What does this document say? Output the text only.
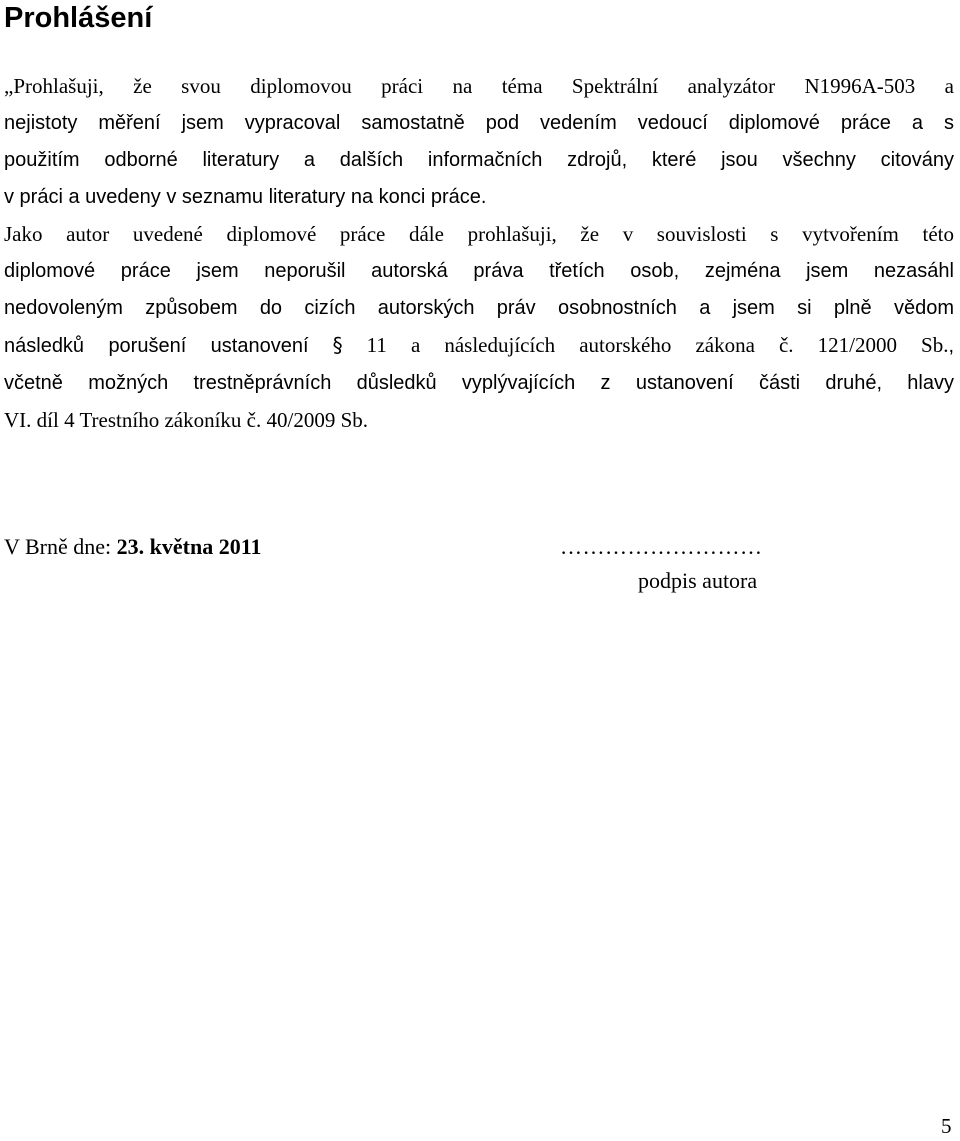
Prohlášení

„Prohlašuji, že svou diplomovou práci na téma Spektrální analyzátor N1996A-503 a
nejistoty měření jsem vypracoval samostatně pod vedením vedoucí diplomové práce a s
použitím odborné literatury a dalších informačních zdrojů, které jsou všechny citovány
v práci a uvedeny v seznamu literatury na konci práce.

Jako autor uvedené diplomové práce dále prohlašuji, že v souvislosti s vytvořením této
diplomové práce jsem neporušil autorská práva třetích osob, zejména jsem nezasáhl
nedovoleným způsobem do cizích autorských práv osobnostních a jsem si plně vědom
následků porušení ustanovení § 11 a následujících autorského zákona č. 121/2000 Sb.,
včetně možných trestněprávních důsledků vyplývajících z ustanovení části druhé, hlavy
VI. díl 4 Trestního zákoníku č. 40/2009 Sb.

V Brně dne: 23. května 2011	………………………
podpis autora
5
